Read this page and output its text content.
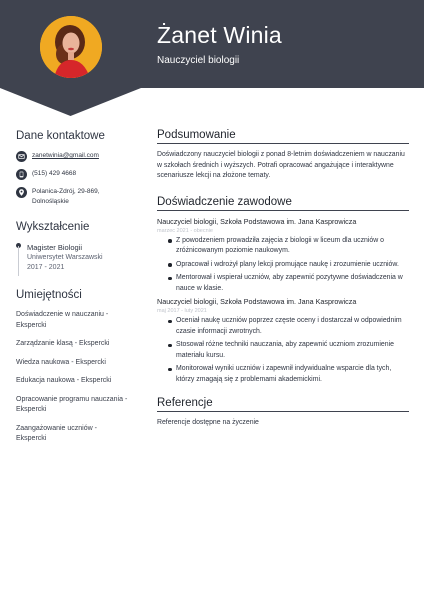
Żanet Winia
Nauczyciel biologii
Dane kontaktowe
zanetwinia@gmail.com
(515) 429 4668
Polanica-Zdrój, 29-869, Dolnośląskie
Wykształcenie
Magister Biologii
Uniwersytet Warszawski
2017 - 2021
Umiejętności
Doświadczenie w nauczaniu - Ekspercki
Zarządzanie klasą - Ekspercki
Wiedza naukowa - Ekspercki
Edukacja naukowa - Ekspercki
Opracowanie programu nauczania - Ekspercki
Zaangażowanie uczniów - Ekspercki
Podsumowanie
Doświadczony nauczyciel biologii z ponad 8-letnim doświadczeniem w nauczaniu w szkołach średnich i wyższych. Potrafi opracować angażujące i interaktywne scenariusze lekcji na złożone tematy.
Doświadczenie zawodowe
Nauczyciel biologii, Szkoła Podstawowa im. Jana Kasprowicza
marzec 2021 - obecnie
Z powodzeniem prowadziła zajęcia z biologii w liceum dla uczniów o zróżnicowanym poziomie naukowym.
Opracował i wdrożył plany lekcji promujące naukę i zrozumienie uczniów.
Mentorował i wspierał uczniów, aby zapewnić pozytywne doświadczenia w nauce w klasie.
Nauczyciel biologii, Szkoła Podstawowa im. Jana Kasprowicza
maj 2017 - luty 2021
Oceniał naukę uczniów poprzez częste oceny i dostarczał w odpowiednim czasie informacji zwrotnych.
Stosował różne techniki nauczania, aby zapewnić uczniom zrozumienie materiału kursu.
Monitorował wyniki uczniów i zapewnił indywidualne wsparcie dla tych, którzy zmagają się z problemami akademickimi.
Referencje
Referencje dostępne na życzenie
